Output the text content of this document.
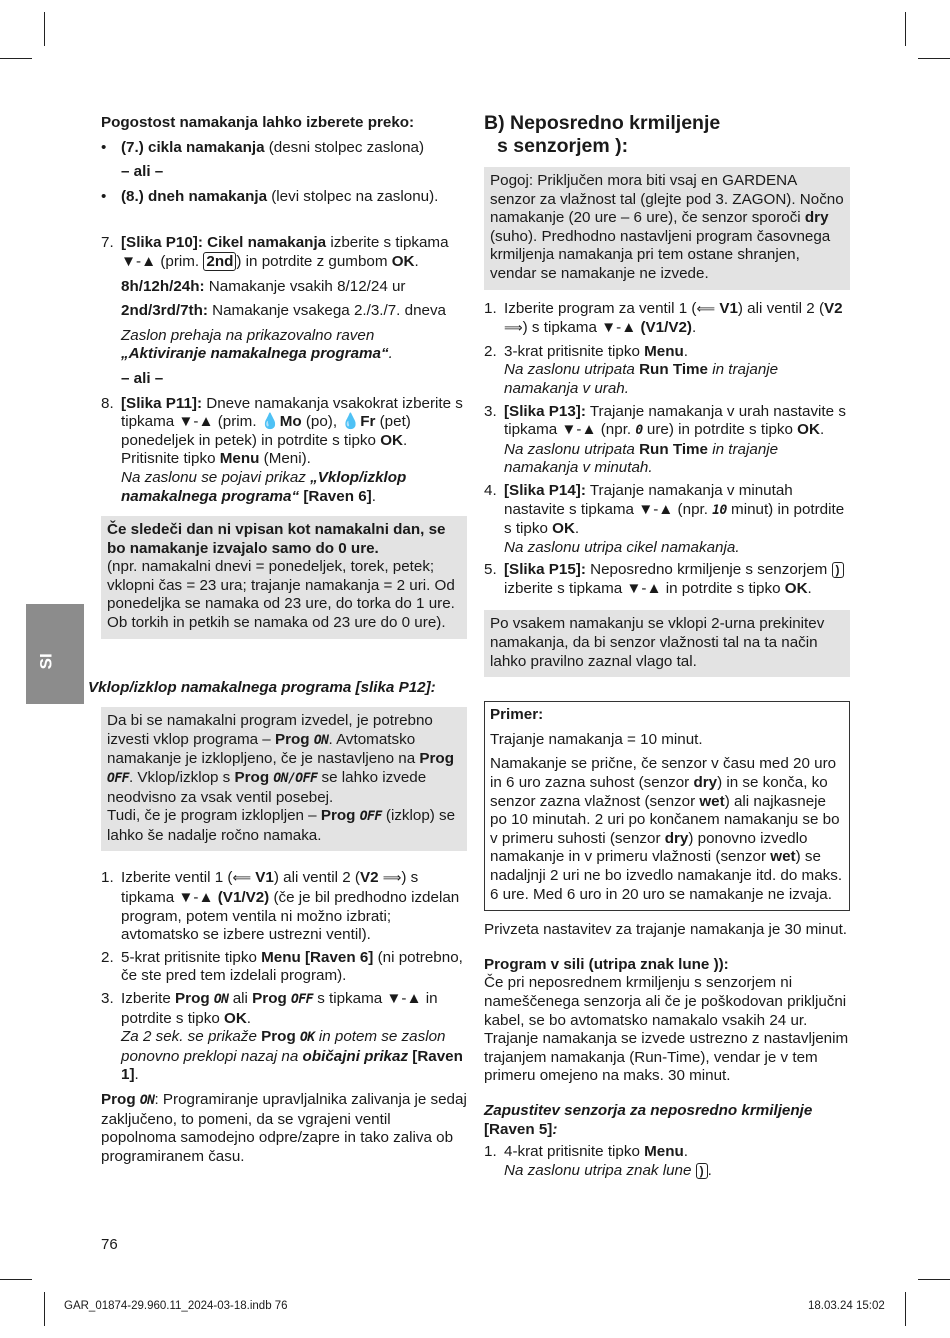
SI

Pogostost namakanja lahko izberete preko:

• (7.) cikla namakanja (desni stolpec zaslona)

– ali –

• (8.) dneh namakanja (levi stolpec na zaslonu).
7. [Slika P10]: Cikel namakanja izberite s tipkama ▼-▲ (prim. 2nd ) in potrdite z gumbom OK.

8h/12h/24h: Namakanje vsakih 8/12/24 ur

2nd/3rd/7th: Namakanje vsakega 2./3./7. dneva

Zaslon prehaja na prikazovalno raven
„Aktiviranje namakalnega programa“.

– ali –

8. [Slika P11]: Dneve namakanja vsakokrat izberite s tipkama ▼-▲ (prim. 💧Mo (po), 💧Fr (pet) ponedeljek in petek) in potrdite s tipko OK.
Pritisnite tipko Menu (Meni).
Na zaslonu se pojavi prikaz „Vklop/izklop namakalnega programa“ [Raven 6].

Če sledeči dan ni vpisan kot namakalni dan, se bo namakanje izvajalo samo do 0 ure.

(npr. namakalni dnevi = ponedeljek, torek, petek; vklopni čas = 23 ura; trajanje namakanja = 2 uri. Od ponedeljka se namaka od 23 ure, do torka do 1 ure. Ob torkih in petkih se namaka od 23 ure do 0 ure).

Vklop/izklop namakalnega programa [slika P12]:

Da bi se namakalni program izvedel, je potrebno izvesti vklop programa – Prog ON. Avtomatsko namakanje je izklopljeno, če je nastavljeno na Prog OFF. Vklop/izklop s Prog ON/OFF se lahko izvede neodvisno za vsak ventil posebej.
Tudi, če je program izklopljen – Prog OFF (izklop) se lahko še nadalje ročno namaka.
1. Izberite ventil 1 (⟸ V1) ali ventil 2 (V2 ⟹) s tipkama ▼-▲ (V1/V2) (če je bil predhodno izdelan program, potem ventila ni možno izbrati; avtomatsko se izbere ustrezni ventil).
2. 5-krat pritisnite tipko Menu [Raven 6] (ni potrebno, če ste pred tem izdelali program).
3. Izberite Prog ON ali Prog OFF s tipkama ▼-▲ in potrdite s tipko OK.
Za 2 sek. se prikaže Prog OK in potem se zaslon ponovno preklopi nazaj na običajni prikaz [Raven 1].

Prog ON: Programiranje upravljalnika zalivanja je sedaj zaključeno, to pomeni, da se vgrajeni ventil popolnoma samodejno odpre/zapre in tako zaliva ob programiranem času.

B) Neposredno krmiljenje

s senzorjem ):

Pogoj: Priključen mora biti vsaj en GARDENA senzor za vlažnost tal (glejte pod 3. ZAGON). Nočno namakanje (20 ure – 6 ure), če senzor sporoči dry (suho). Predhodno nastavljeni program časovnega krmiljenja namakanja pri tem ostane shranjen, vendar se namakanje ne izvede.
1. Izberite program za ventil 1 (⟸ V1) ali ventil 2 (V2 ⟹) s tipkama ▼-▲ (V1/V2).
2. 3-krat pritisnite tipko Menu.
Na zaslonu utripata Run Time in trajanje namakanja v urah.
3. [Slika P13]: Trajanje namakanja v urah nastavite s tipkama ▼-▲ (npr. 0 ure) in potrdite s tipko OK.
Na zaslonu utripata Run Time in trajanje namakanja v minutah.
4. [Slika P14]: Trajanje namakanja v minutah nastavite s tipkama ▼-▲ (npr. 10 minut) in potrdite s tipko OK.
Na zaslonu utripa cikel namakanja.
5. [Slika P15]: Neposredno krmiljenje s senzorjem ) izberite s tipkama ▼-▲ in potrdite s tipko OK.
Po vsakem namakanju se vklopi 2-urna prekinitev namakanja, da bi senzor vlažnosti tal na ta način lahko pravilno zaznal vlago tal.

Primer:

Trajanje namakanja = 10 minut.

Namakanje se prične, če senzor v času med 20 uro in 6 uro zazna suhost (senzor dry) in se konča, ko senzor zazna vlažnost (senzor wet) ali najkasneje po 10 minutah. 2 uri po končanem namakanju se bo v primeru suhosti (senzor dry) ponovno izvedlo namakanje in v primeru vlažnosti (senzor wet) se nadaljnji 2 uri ne bo izvedlo namakanje itd. do maks. 6 ure. Med 6 uro in 20 uro se namakanje ne izvaja.

Privzeta nastavitev za trajanje namakanja je 30 minut.

Program v sili (utripa znak lune )):

Če pri neposrednem krmiljenju s senzorjem ni nameščenega senzorja ali če je poškodovan priključni kabel, se bo avtomatsko namakalo vsakih 24 ur. Trajanje namakanja se izvede ustrezno z nastavljenim trajanjem namakanja (Run-Time), vendar je v tem primeru omejeno na maks. 30 minut.

Zapustitev senzorja za neposredno krmiljenje [Raven 5]:

1. 4-krat pritisnite tipko Menu.
Na zaslonu utripa znak lune ) .
76
GAR_01874-29.960.11_2024-03-18.indb 76	18.03.24 15:02
